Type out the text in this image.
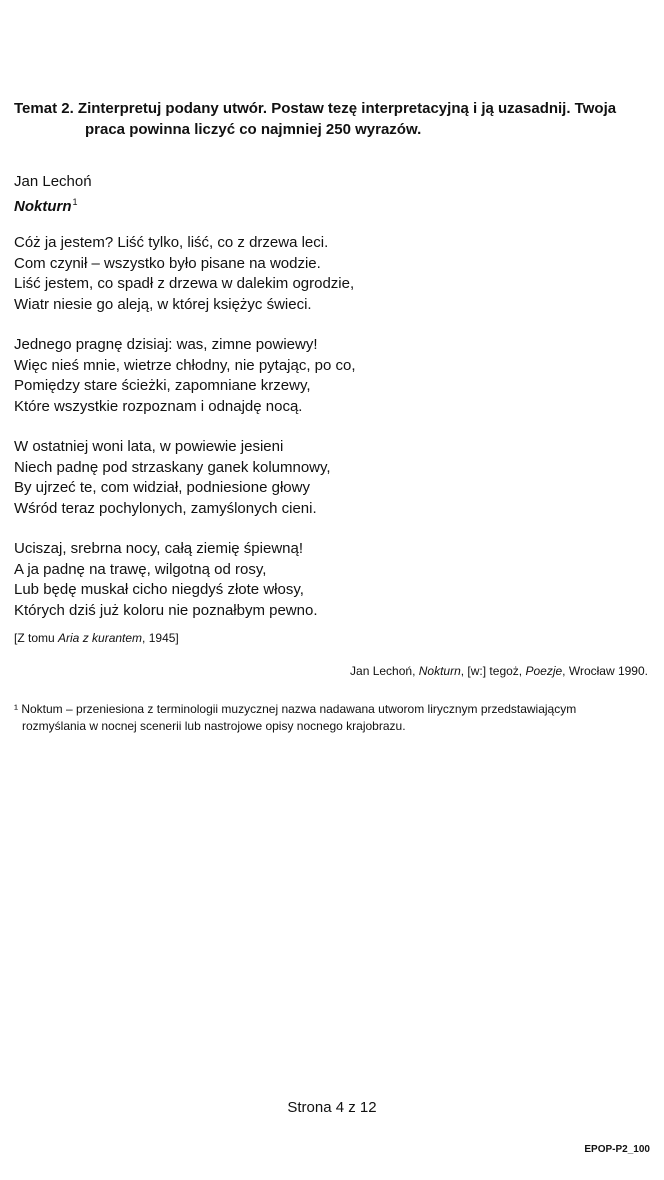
Temat 2. Zinterpretuj podany utwór. Postaw tezę interpretacyjną i ją uzasadnij. Twoja
praca powinna liczyć co najmniej 250 wyrazów.
Jan Lechoń
Nokturn$^1$
Cóż ja jestem? Liść tylko, liść, co z drzewa leci.
Com czynił – wszystko było pisane na wodzie.
Liść jestem, co spadł z drzewa w dalekim ogrodzie,
Wiatr niesie go aleją, w której księżyc świeci.
Jednego pragnę dzisiaj: was, zimne powiewy!
Więc nieś mnie, wietrze chłodny, nie pytając, po co,
Pomiędzy stare ścieżki, zapomniane krzewy,
Które wszystkie rozpoznam i odnajdę nocą.
W ostatniej woni lata, w powiewie jesieni
Niech padnę pod strzaskany ganek kolumnowy,
By ujrzeć te, com widział, podniesione głowy
Wśród teraz pochylonych, zamyślonych cieni.
Uciszaj, srebrna nocy, całą ziemię śpiewną!
A ja padnę na trawę, wilgotną od rosy,
Lub będę muskał cicho niegdyś złote włosy,
Których dziś już koloru nie poznałbym pewno.
[Z tomu Aria z kurantem, 1945]
Jan Lechoń, Nokturn, [w:] tegoż, Poezje, Wrocław 1990.
¹ Noktum – przeniesiona z terminologii muzycznej nazwa nadawana utworom lirycznym przedstawiającym
rozmyślania w nocnej scenerii lub nastrojowe opisy nocnego krajobrazu.
Strona 4 z 12
EPOP-P2_100
